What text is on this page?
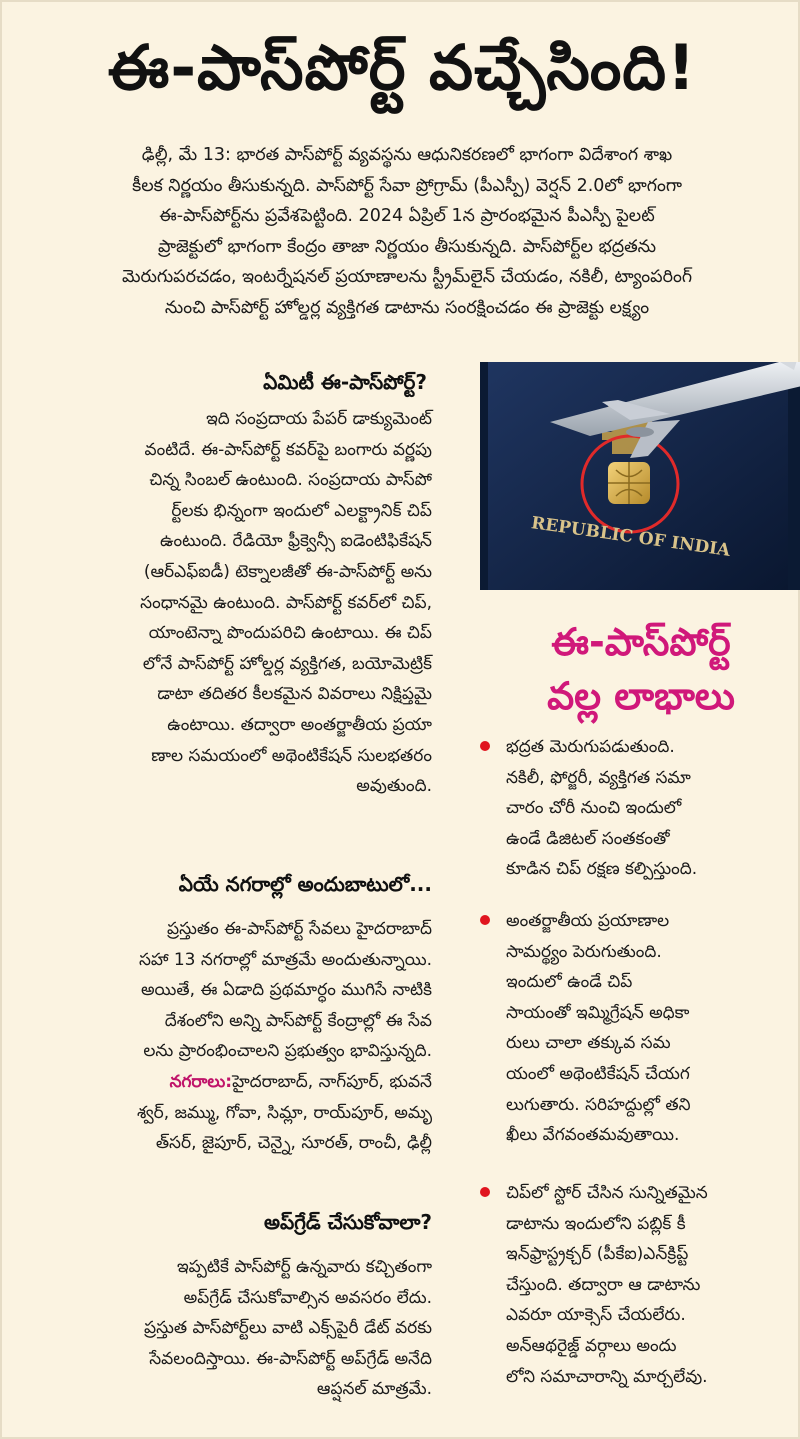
ఈ-పాస్‌పోర్ట్ వచ్చేసింది!

ఢిల్లీ, మే 13: భారత పాస్‌పోర్ట్ వ్యవస్థను ఆధునికరణలో భాగంగా విదేశాంగ శాఖ

కీలక నిర్ణయం తీసుకున్నది. పాస్‌పోర్ట్ సేవా ప్రోగ్రామ్ (పీఎస్పీ) వెర్షన్ 2.0లో భాగంగా

ఈ-పాస్‌పోర్ట్‌ను ప్రవేశపెట్టింది. 2024 ఏప్రిల్ 1న ప్రారంభమైన పీఎస్పీ పైలట్

ప్రాజెక్టులో భాగంగా కేంద్రం తాజా నిర్ణయం తీసుకున్నది. పాస్‌పోర్ట్‌ల భద్రతను

మెరుగుపరచడం, ఇంటర్నేషనల్ ప్రయాణాలను స్ట్రీమ్‌లైన్ చేయడం, నకిలీ, ట్యాంపరింగ్

నుంచి పాస్‌పోర్ట్ హోల్డర్ల వ్యక్తిగత డాటాను సంరక్షించడం ఈ ప్రాజెక్టు లక్ష్యం

ఏమిటీ ఈ-పాస్‌పోర్ట్?

ఇది సంప్రదాయ పేపర్ డాక్యుమెంట్

వంటిదే. ఈ-పాస్‌పోర్ట్ కవర్‌పై బంగారు వర్ణపు

చిన్న సింబల్ ఉంటుంది. సంప్రదాయ పాస్‌పో

ర్ట్‌లకు భిన్నంగా ఇందులో ఎలక్ట్రానిక్ చిప్

ఉంటుంది. రేడియో ఫ్రీక్వెన్సీ ఐడెంటిఫికేషన్

(ఆర్ఎఫ్ఐడీ) టెక్నాలజీతో ఈ-పాస్‌పోర్ట్ అను

సంధానమై ఉంటుంది. పాస్‌పోర్ట్ కవర్‌లో చిప్,

యాంటెన్నా పొందుపరిచి ఉంటాయి. ఈ చిప్

లోనే పాస్‌పోర్ట్ హోల్డర్ల వ్యక్తిగత, బయోమెట్రిక్

డాటా తదితర కీలకమైన వివరాలు నిక్షిప్తమై

ఉంటాయి. తద్వారా అంతర్జాతీయ ప్రయా

ణాల సమయంలో అథెంటికేషన్ సులభతరం

అవుతుంది.

ఏయే నగరాల్లో అందుబాటులో...

ప్రస్తుతం ఈ-పాస్‌పోర్ట్ సేవలు హైదరాబాద్

సహా 13 నగరాల్లో మాత్రమే అందుతున్నాయి.

అయితే, ఈ ఏడాది ప్రథమార్ధం ముగిసే నాటికి

దేశంలోని అన్ని పాస్‌పోర్ట్ కేంద్రాల్లో ఈ సేవ

లను ప్రారంభించాలని ప్రభుత్వం భావిస్తున్నది.

నగరాలు:హైదరాబాద్, నాగ్‌పూర్, భువనే

శ్వర్, జమ్ము, గోవా, సిమ్లా, రాయ్‌పూర్, అమృ

త్‌సర్, జైపూర్, చెన్నై, సూరత్, రాంచీ, ఢిల్లీ

అప్‌గ్రేడ్ చేసుకోవాలా?

ఇప్పటికే పాస్‌పోర్ట్ ఉన్నవారు కచ్చితంగా

అప్‌గ్రేడ్ చేసుకోవాల్సిన అవసరం లేదు.

ప్రస్తుత పాస్‌పోర్ట్‌లు వాటి ఎక్స్‌పైరీ డేట్ వరకు

సేవలందిస్తాయి. ఈ-పాస్‌పోర్ట్ అప్‌గ్రేడ్ అనేది

ఆప్షనల్ మాత్రమే.

REPUBLIC OF INDIA
ఈ-పాస్‌పోర్ట్
వల్ల లాభాలు

భద్రత మెరుగుపడుతుంది.

నకిలీ, ఫోర్జరీ, వ్యక్తిగత సమా

చారం చోరీ నుంచి ఇందులో

ఉండే డిజిటల్ సంతకంతో

కూడిన చిప్ రక్షణ కల్పిస్తుంది.

అంతర్జాతీయ ప్రయాణాల

సామర్థ్యం పెరుగుతుంది.

ఇందులో ఉండే చిప్

సాయంతో ఇమ్మిగ్రేషన్ అధికా

రులు చాలా తక్కువ సమ

యంలో అథెంటికేషన్ చేయగ

లుగుతారు. సరిహద్దుల్లో తని

ఖీలు వేగవంతమవుతాయి.

చిప్‌లో స్టోర్ చేసిన సున్నితమైన

డాటాను ఇందులోని పబ్లిక్ కీ

ఇన్‌ఫ్రాస్ట్రక్చర్ (పీకేఐ)ఎన్‌క్రిప్ట్

చేస్తుంది. తద్వారా ఆ డాటాను

ఎవరూ యాక్సెస్ చేయలేరు.

అన్‌ఆథరైజ్డ్ వర్గాలు అందు

లోని సమాచారాన్ని మార్చలేవు.
